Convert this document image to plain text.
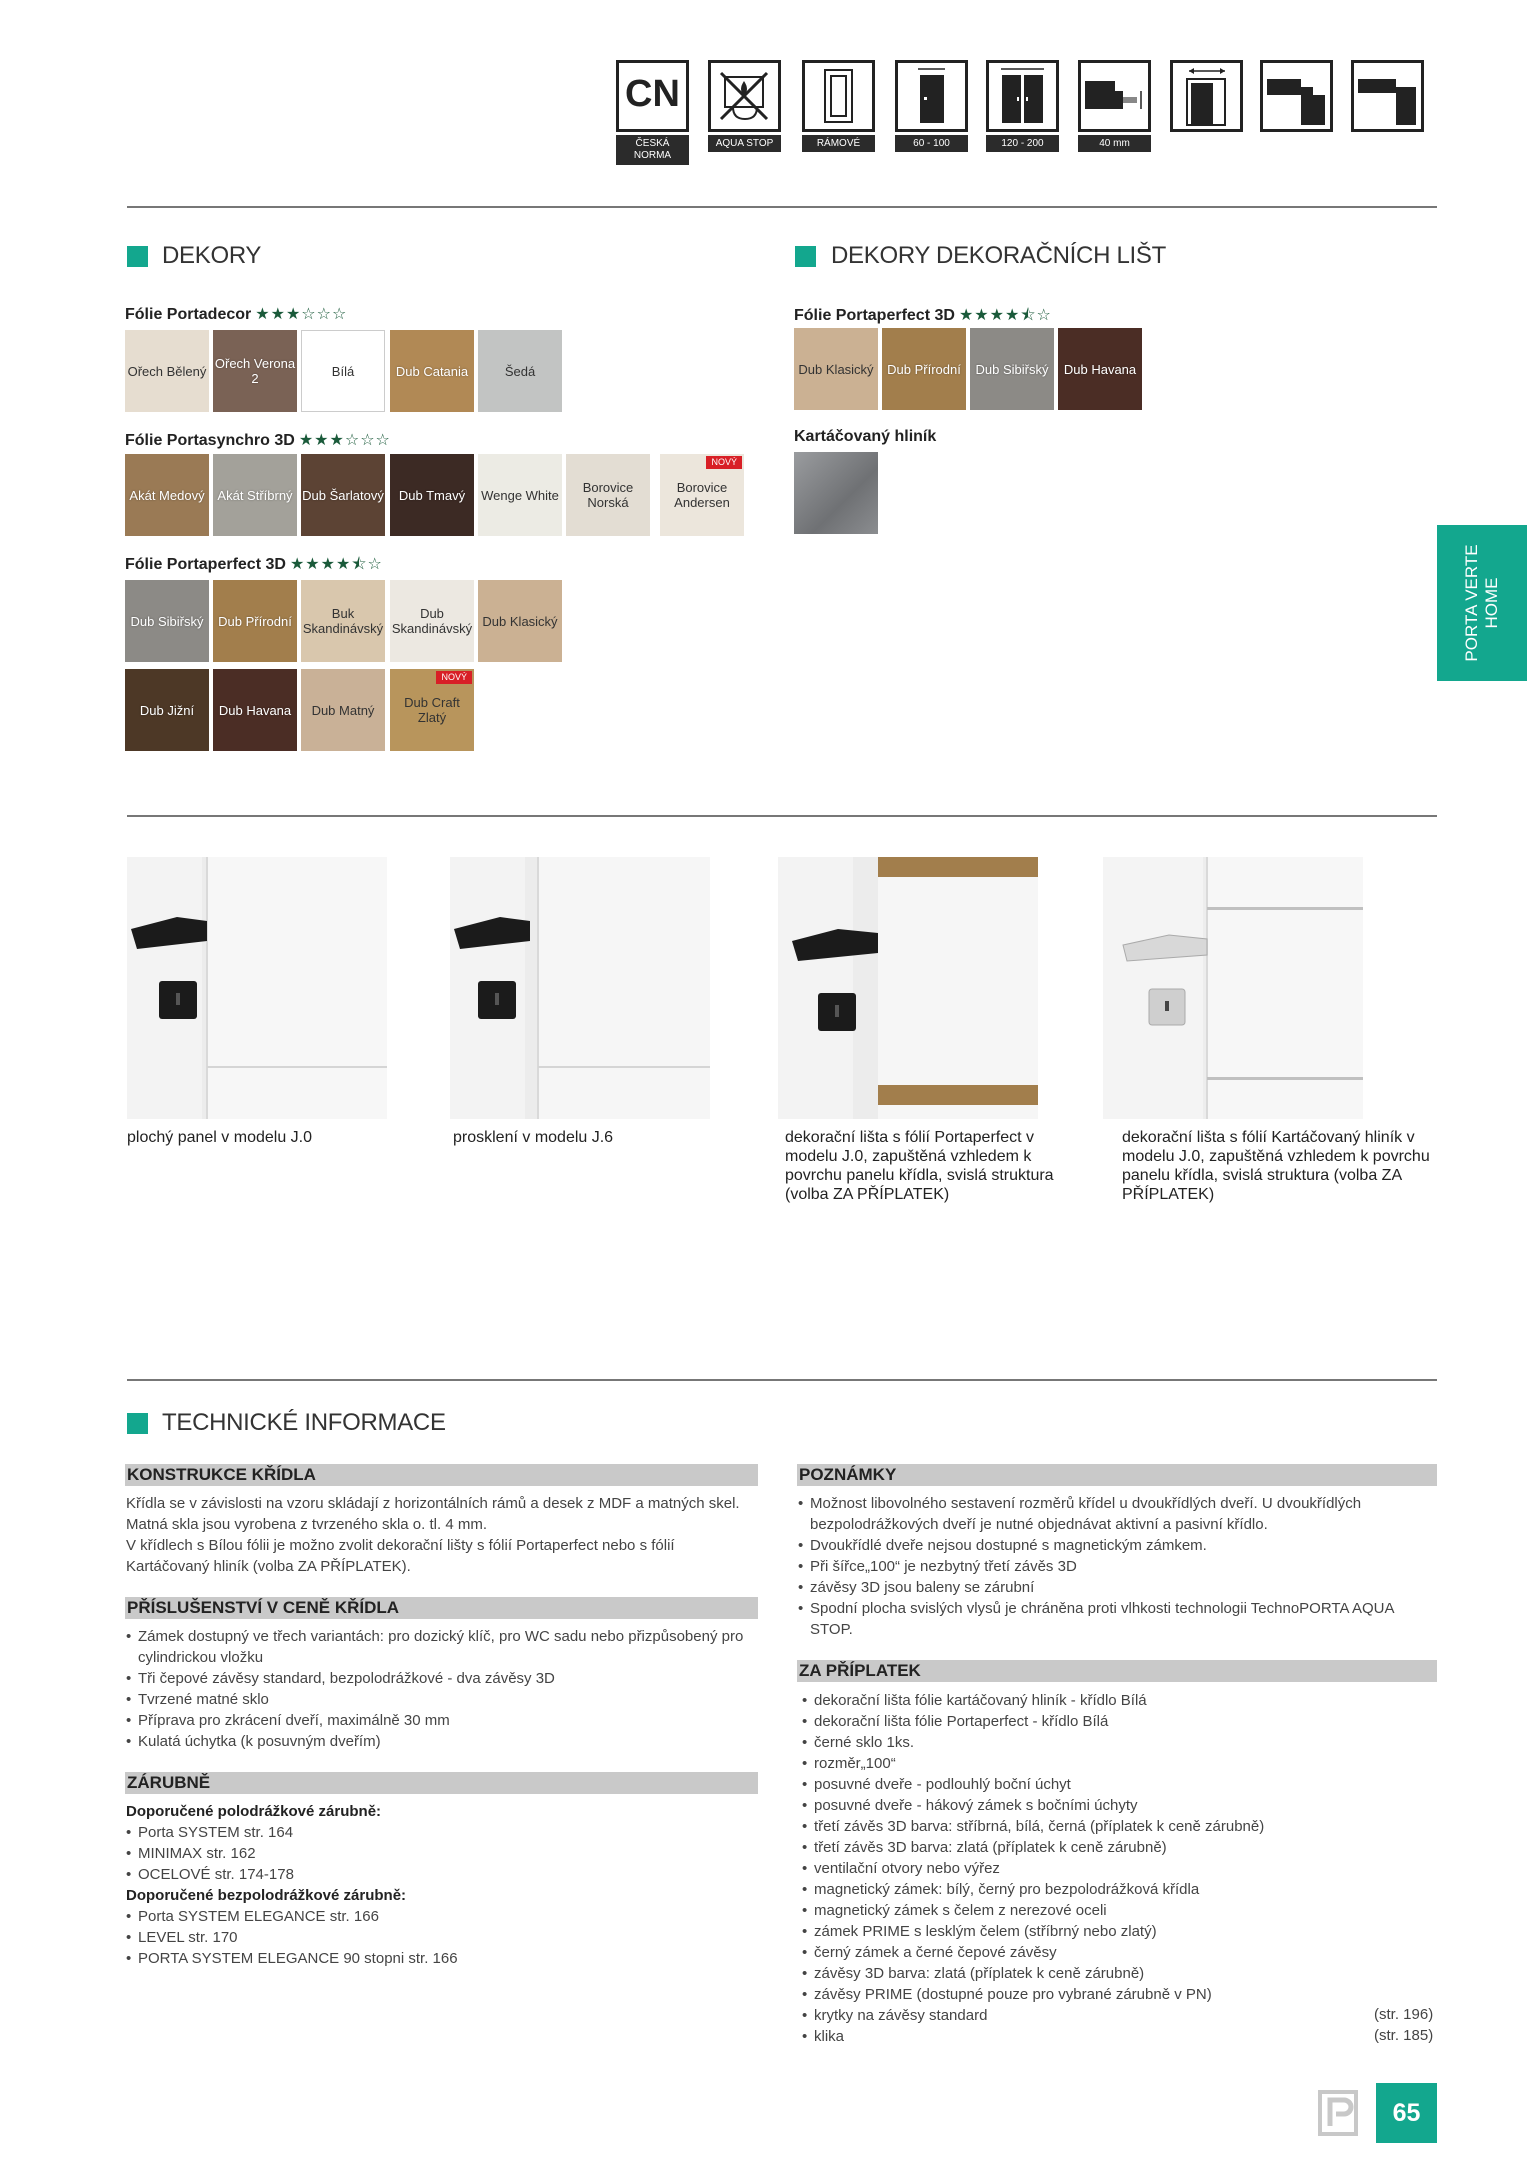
CN
ČESKÁ
NORMA
AQUA STOP	RÁMOVÉ	60 - 100	120 - 200	40 mm
DEKORY
Fólie Portadecor ★★★☆☆☆
Ořech Bělený Ořech Verona 2	Bílá	Dub Catania	Šedá
Fólie Portasynchro 3D ★★★☆☆☆
Akát Medový Akát Stříbrný Dub Šarlatový Dub Tmavý Wenge White	Borovice Norská
Borovice Andersen
NOVÝ
Fólie Portaperfect 3D ★★★★⯪☆
Dub Sibiřský Dub Přírodní	Buk Skandinávský
Dub Skandinávský Dub Klasický
Dub Jižní Dub Havana Dub Matný	Dub Craft Zlatý
NOVÝ
DEKORY DEKORAČNÍCH LIŠT
Fólie Portaperfect 3D ★★★★⯪☆
Dub Klasický Dub Přírodní Dub Sibiřský Dub Havana
Kartáčovaný hliník
PORTA VERTE HOME
plochý panel v modelu J.0	prosklení v modelu J.6	dekorační lišta s fólií Portaperfect v modelu J.0, zapuštěná vzhledem k povrchu panelu křídla, svislá struktura (volba ZA PŘÍPLATEK)
dekorační lišta s fólií Kartáčovaný hliník v modelu J.0, zapuštěná vzhledem k povrchu panelu křídla, svislá struktura (volba ZA PŘÍPLATEK)
TECHNICKÉ INFORMACE
KONSTRUKCE KŘÍDLA
Křídla se v závislosti na vzoru skládají z horizontálních rámů a desek z MDF a matných skel.
Matná skla jsou vyrobena z tvrzeného skla o. tl. 4 mm.
V křídlech s Bílou fólii je možno zvolit dekorační lišty s fólií Portaperfect nebo s fólií
Kartáčovaný hliník (volba ZA PŘÍPLATEK).
PŘÍSLUŠENSTVÍ V CENĚ KŘÍDLA
• Zámek dostupný ve třech variantách: pro dozický klíč, pro WC sadu nebo přizpůsobený pro cylindrickou vložku
• Tři čepové závěsy standard, bezpolodrážkové - dva závěsy 3D
• Tvrzené matné sklo
• Příprava pro zkrácení dveří, maximálně 30 mm
• Kulatá úchytka (k posuvným dveřím)
ZÁRUBNĚ
Doporučené polodrážkové zárubně:
• Porta SYSTEM str. 164
• MINIMAX str. 162
• OCELOVÉ str. 174-178
Doporučené bezpolodrážkové zárubně:
• Porta SYSTEM ELEGANCE str. 166
• LEVEL str. 170
• PORTA SYSTEM ELEGANCE 90 stopni str. 166
POZNÁMKY
• Možnost libovolného sestavení rozměrů křídel u dvoukřídlých dveří. U dvoukřídlých bezpolodrážkových dveří je nutné objednávat aktivní a pasivní křídlo.
• Dvoukřídlé dveře nejsou dostupné s magnetickým zámkem.
• Při šířce„100“ je nezbytný třetí závěs 3D
• závěsy 3D jsou baleny se zárubní
• Spodní plocha svislých vlysů je chráněna proti vlhkosti technologii TechnoPORTA AQUA STOP.
ZA PŘÍPLATEK
• dekorační lišta fólie kartáčovaný hliník - křídlo Bílá
• dekorační lišta fólie Portaperfect - křídlo Bílá
• černé sklo 1ks.
• rozměr„100“
• posuvné dveře - podlouhlý boční úchyt
• posuvné dveře - hákový zámek s bočními úchyty
• třetí závěs 3D barva: stříbrná, bílá, černá (příplatek k ceně zárubně)
• třetí závěs 3D barva: zlatá (příplatek k ceně zárubně)
• ventilační otvory nebo výřez
• magnetický zámek: bílý, černý pro bezpolodrážková křídla
• magnetický zámek s čelem z nerezové oceli
• zámek PRIME s lesklým čelem (stříbrný nebo zlatý)
• černý zámek a černé čepové závěsy
• závěsy 3D barva: zlatá (příplatek k ceně zárubně)
• závěsy PRIME (dostupné pouze pro vybrané zárubně v PN)
• krytky na závěsy standard
• klika
(str. 196)
(str. 185)
65
